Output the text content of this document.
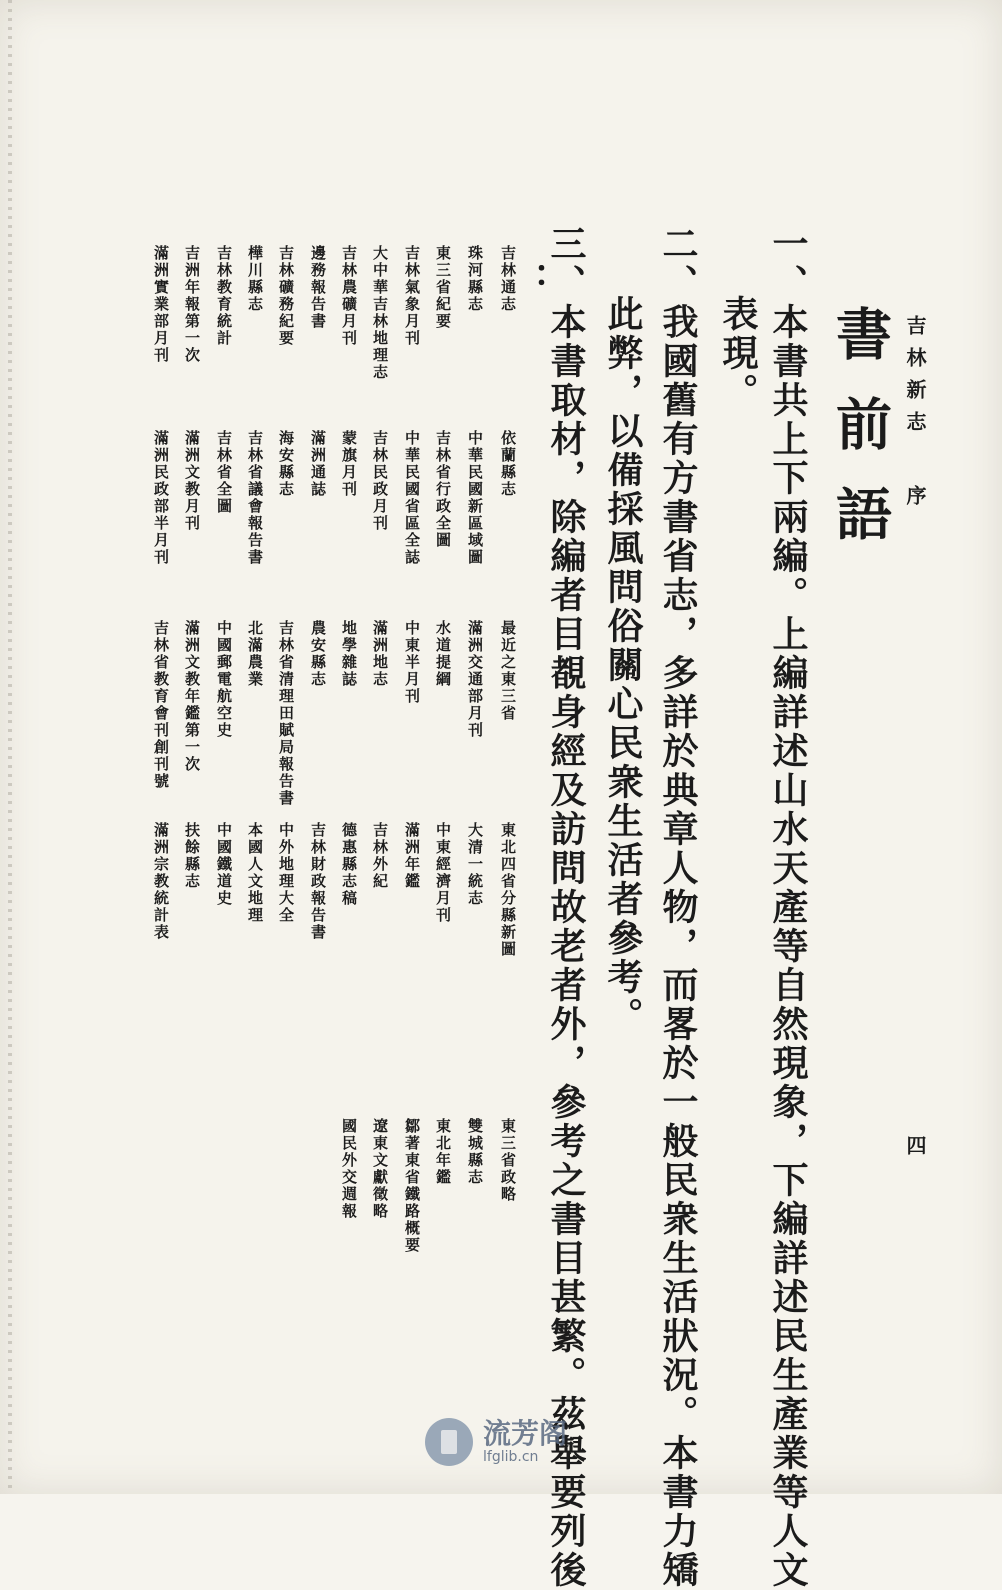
吉林新志
序
四
書前語
一、本書共上下兩編。上編詳述山水天產等自然現象，下編詳述民生產業等人文
表現。
二、我國舊有方書省志，多詳於典章人物，而畧於一般民衆生活狀況。本書力矯
此弊，以備採風問俗關心民衆生活者參考。
三、本書取材，除編者目覩身經及訪問故老者外，參考之書目甚繁。茲舉要列後
：
吉林通志
依蘭縣志
最近之東三省
東北四省分縣新圖
東三省政略
珠河縣志
中華民國新區域圖
滿洲交通部月刊
大清一統志
雙城縣志
東三省紀要
吉林省行政全圖
水道提綱
中東經濟月刊
東北年鑑
吉林氣象月刊
中華民國省區全誌
中東半月刊
滿洲年鑑
鄒著東省鐵路概要
大中華吉林地理志
吉林民政月刊
滿洲地志
吉林外紀
遼東文獻徵略
吉林農礦月刊
蒙旗月刊
地學雜誌
德惠縣志稿
國民外交週報
邊務報告書
滿洲通誌
農安縣志
吉林財政報告書
吉林礦務紀要
海安縣志
吉林省清理田賦局報告書
中外地理大全
樺川縣志
吉林省議會報告書
北滿農業
本國人文地理
吉林教育統計
吉林省全圖
中國郵電航空史
中國鐵道史
吉洲年報第一次
滿洲文教月刊
滿洲文教年鑑第一次
扶餘縣志
滿洲實業部月刊
滿洲民政部半月刊
吉林省教育會刊創刊號
滿洲宗教統計表
流芳阁
lfglib.cn
